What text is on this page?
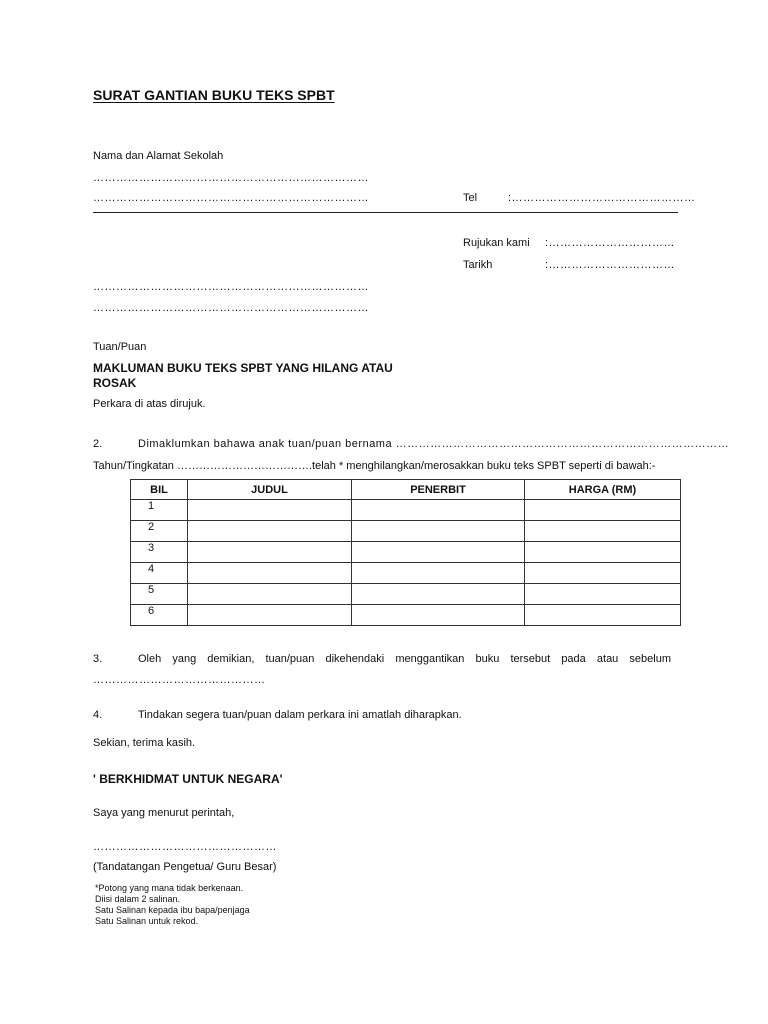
SURAT GANTIAN BUKU TEKS SPBT
Nama dan Alamat Sekolah
………………………………………………………………
………………………………………………………………	Tel	:…………………………………………
Rujukan kami :……………………………
Tarikh	:……………………………
………………………………………………………………
………………………………………………………………
Tuan/Puan
MAKLUMAN BUKU TEKS SPBT YANG HILANG ATAU
ROSAK
Perkara di atas dirujuk.
2.	Dimaklumkan bahawa anak tuan/puan bernama ……………………………………………………………………………
Tahun/Tingkatan ……………………………….telah * menghilangkan/merosakkan buku teks SPBT seperti di bawah:-
BIL	JUDUL	PENERBIT	HARGA (RM)
1			
2			
3			
4			
5			
6			
3.	Oleh yang demikian, tuan/puan dikehendaki menggantikan buku tersebut pada atau sebelum
………………………………………
4.	Tindakan segera tuan/puan dalam perkara ini amatlah diharapkan.
Sekian, terima kasih.
' BERKHIDMAT UNTUK NEGARA'
Saya yang menurut perintah,
…………………………………………
(Tandatangan Pengetua/ Guru Besar)
*Potong yang mana tidak berkenaan.
Diisi dalam 2 salinan.
Satu Salinan kepada ibu bapa/penjaga
Satu Salinan untuk rekod.
